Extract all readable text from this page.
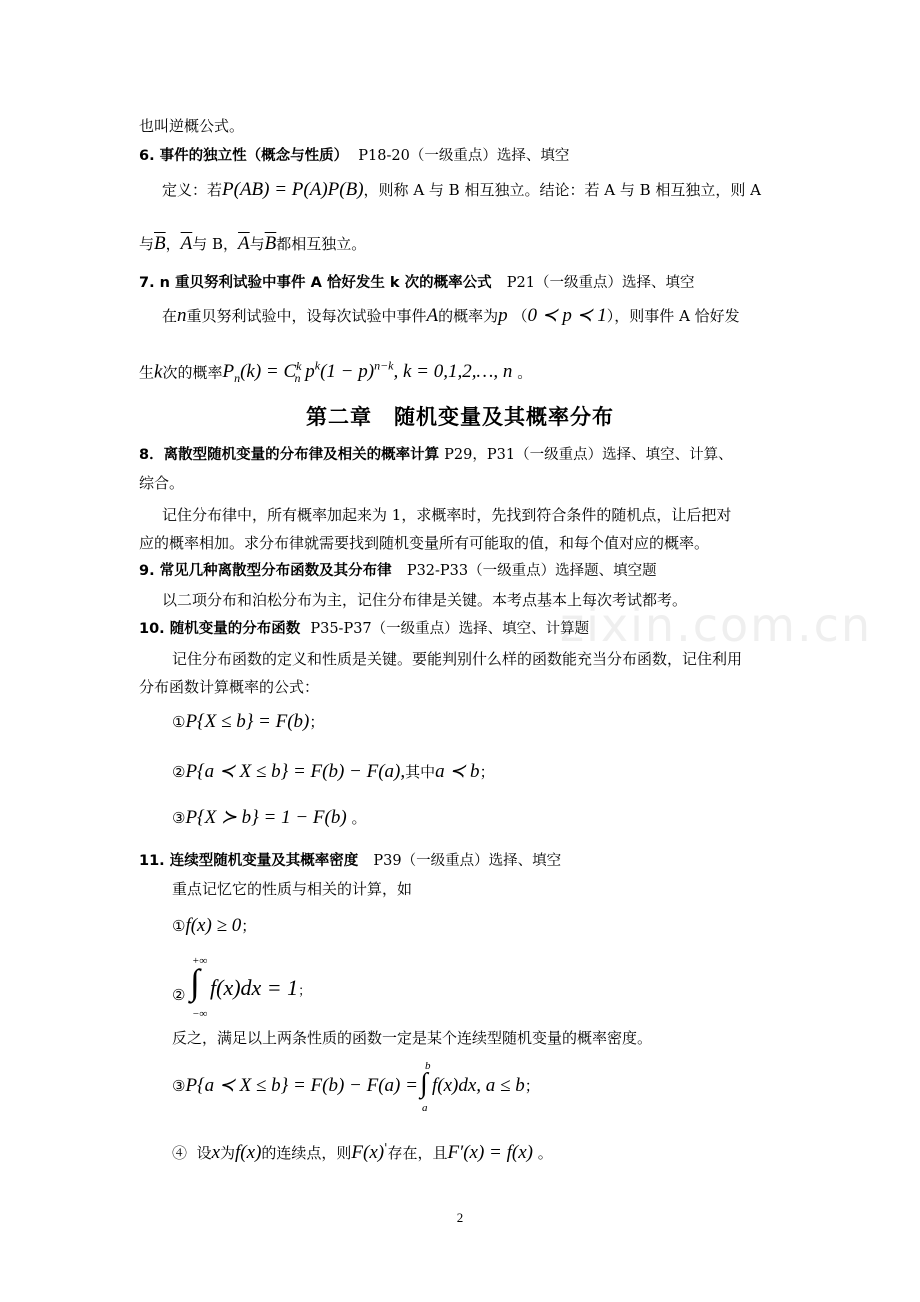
zixin.com.cn
也叫逆概公式。
6. 事件的独立性（概念与性质） P18-20（一级重点）选择、填空
定义：若P(AB) = P(A)P(B)，则称 A 与 B 相互独立。结论：若 A 与 B 相互独立，则 A
与$\overline{B}$，$\overline{A}$与 B，$\overline{A}$与$\overline{B}$都相互独立。
7. n 重贝努利试验中事件 A 恰好发生 k 次的概率公式 P21（一级重点）选择、填空
在n重贝努利试验中，设每次试验中事件A的概率为p （0 ≺ p ≺ 1），则事件 A 恰好发
生k次的概率$P_n(k) = C^k_n$ $p^k(1 - p)^{n-k}$, k = 0,1,2,…, n 。
第二章　随机变量及其概率分布
8．离散型随机变量的分布律及相关的概率计算 P29，P31（一级重点）选择、填空、计算、
综合。
记住分布律中，所有概率加起来为 1，求概率时，先找到符合条件的随机点，让后把对
应的概率相加。求分布律就需要找到随机变量所有可能取的值，和每个值对应的概率。
9. 常见几种离散型分布函数及其分布律 P32-P33（一级重点）选择题、填空题
以二项分布和泊松分布为主，记住分布律是关键。本考点基本上每次考试都考。
10. 随机变量的分布函数 P35-P37（一级重点）选择、填空、计算题
记住分布函数的定义和性质是关键。要能判别什么样的函数能充当分布函数，记住利用
分布函数计算概率的公式：
①P{X ≤ b} = F(b)；
②P{a ≺ X ≤ b} = F(b) − F(a),其中a ≺ b；
③P{X ≻ b} = 1 − F(b) 。
11. 连续型随机变量及其概率密度 P39（一级重点）选择、填空
重点记忆它的性质与相关的计算，如
①f(x) ≥ 0；
②
+∞
∫
−∞
f(x)dx = 1；
反之，满足以上两条性质的函数一定是某个连续型随机变量的概率密度。
③P{a ≺ X ≤ b} = F(b) − F(a) =
b
∫
a
f(x)dx, a ≤ b；
④ 设x为f(x)的连续点，则F(x)'存在，且F′(x) = f(x) 。
2
